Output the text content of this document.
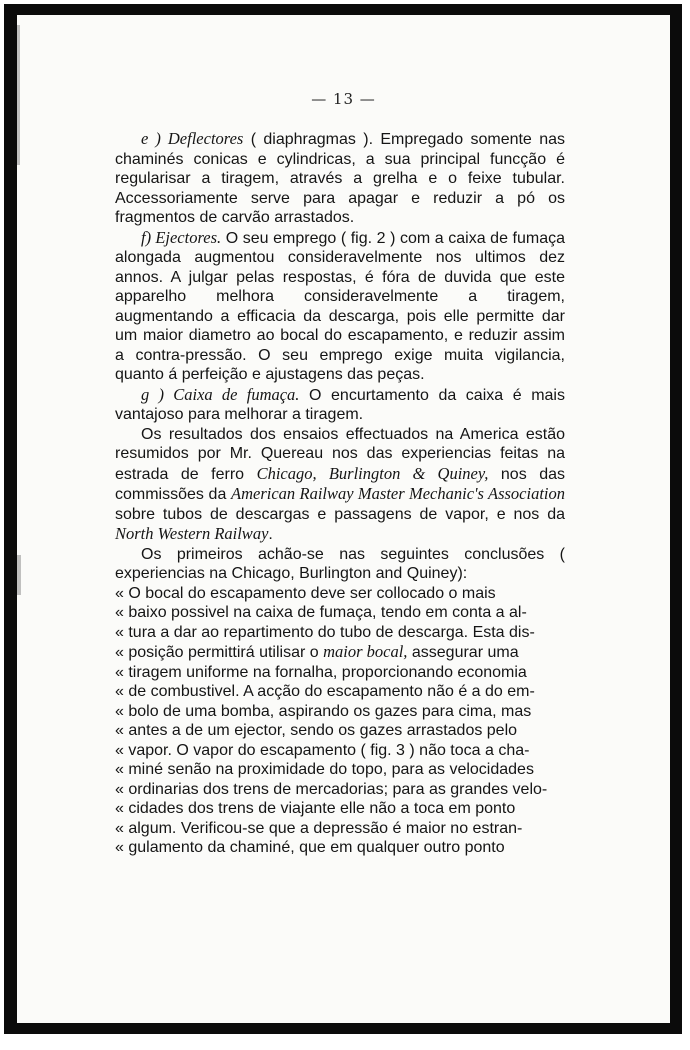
— 13 —

e ) Deflectores ( diaphragmas ). Empregado somente nas chaminés conicas e cylindricas, a sua principal funcção é regularisar a tiragem, através a grelha e o feixe tubular. Accessoriamente serve para apagar e reduzir a pó os fragmentos de carvão arrastados.

f) Ejectores. O seu emprego ( fig. 2 ) com a caixa de fumaça alongada augmentou consideravelmente nos ultimos dez annos. A julgar pelas respostas, é fóra de duvida que este apparelho melhora consideravelmente a tiragem, augmentando a efficacia da descarga, pois elle permitte dar um maior diametro ao bocal do escapamento, e reduzir assim a contra-pressão. O seu emprego exige muita vigilancia, quanto á perfeição e ajustagens das peças.

g ) Caixa de fumaça. O encurtamento da caixa é mais vantajoso para melhorar a tiragem.

Os resultados dos ensaios effectuados na America estão resumidos por Mr. Quereau nos das experiencias feitas na estrada de ferro Chicago, Burlington & Quiney, nos das commissões da American Railway Master Mechanic's Association sobre tubos de descargas e passagens de vapor, e nos da North Western Railway.

Os primeiros achão-se nas seguintes conclusões ( experiencias na Chicago, Burlington and Quiney):

« O bocal do escapamento deve ser collocado o mais

« baixo possivel na caixa de fumaça, tendo em conta a al-

« tura a dar ao repartimento do tubo de descarga. Esta dis-

« posição permittirá utilisar o maior bocal, assegurar uma

« tiragem uniforme na fornalha, proporcionando economia

« de combustivel. A acção do escapamento não é a do em-

« bolo de uma bomba, aspirando os gazes para cima, mas

« antes a de um ejector, sendo os gazes arrastados pelo

« vapor. O vapor do escapamento ( fig. 3 ) não toca a cha-

« miné senão na proximidade do topo, para as velocidades

« ordinarias dos trens de mercadorias; para as grandes velo-

« cidades dos trens de viajante elle não a toca em ponto

« algum. Verificou-se que a depressão é maior no estran-

« gulamento da chaminé, que em qualquer outro ponto
